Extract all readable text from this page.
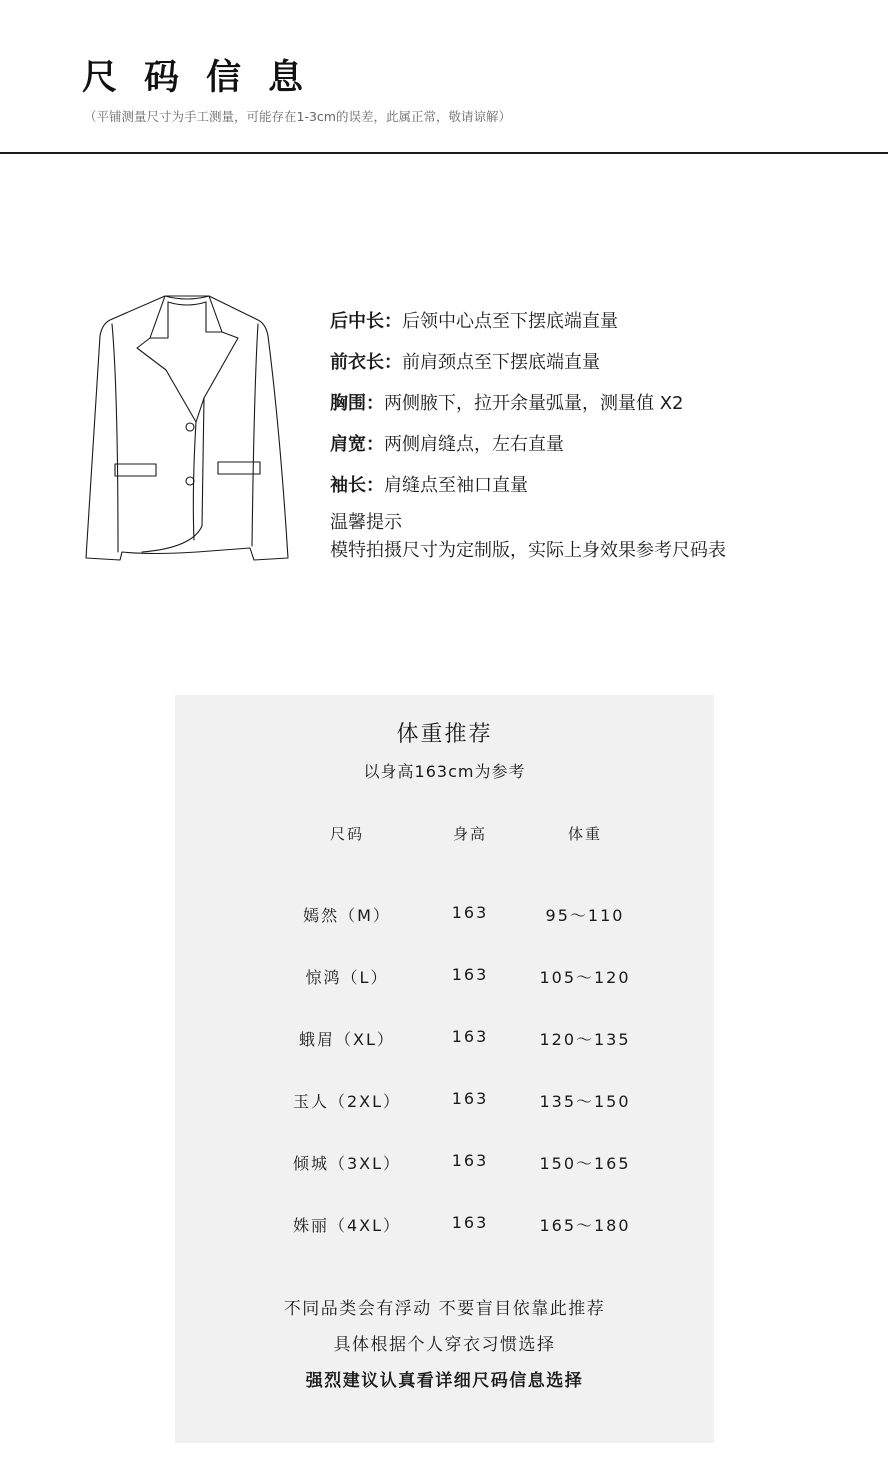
尺码信息
（平铺测量尺寸为手工测量，可能存在1-3cm的误差，此属正常，敬请谅解）
后中长：后领中心点至下摆底端直量
前衣长：前肩颈点至下摆底端直量
胸围：两侧腋下，拉开余量弧量，测量值 X2
肩宽：两侧肩缝点，左右直量
袖长：肩缝点至袖口直量
温馨提示
模特拍摄尺寸为定制版，实际上身效果参考尺码表
体重推荐
以身高163cm为参考
尺码	身高	体重
嫣然（M）	163	95～110
惊鸿（L）	163	105～120
蛾眉（XL）	163	120～135
玉人（2XL）	163	135～150
倾城（3XL）	163	150～165
姝丽（4XL）	163	165～180
不同品类会有浮动 不要盲目依靠此推荐
具体根据个人穿衣习惯选择
强烈建议认真看详细尺码信息选择
